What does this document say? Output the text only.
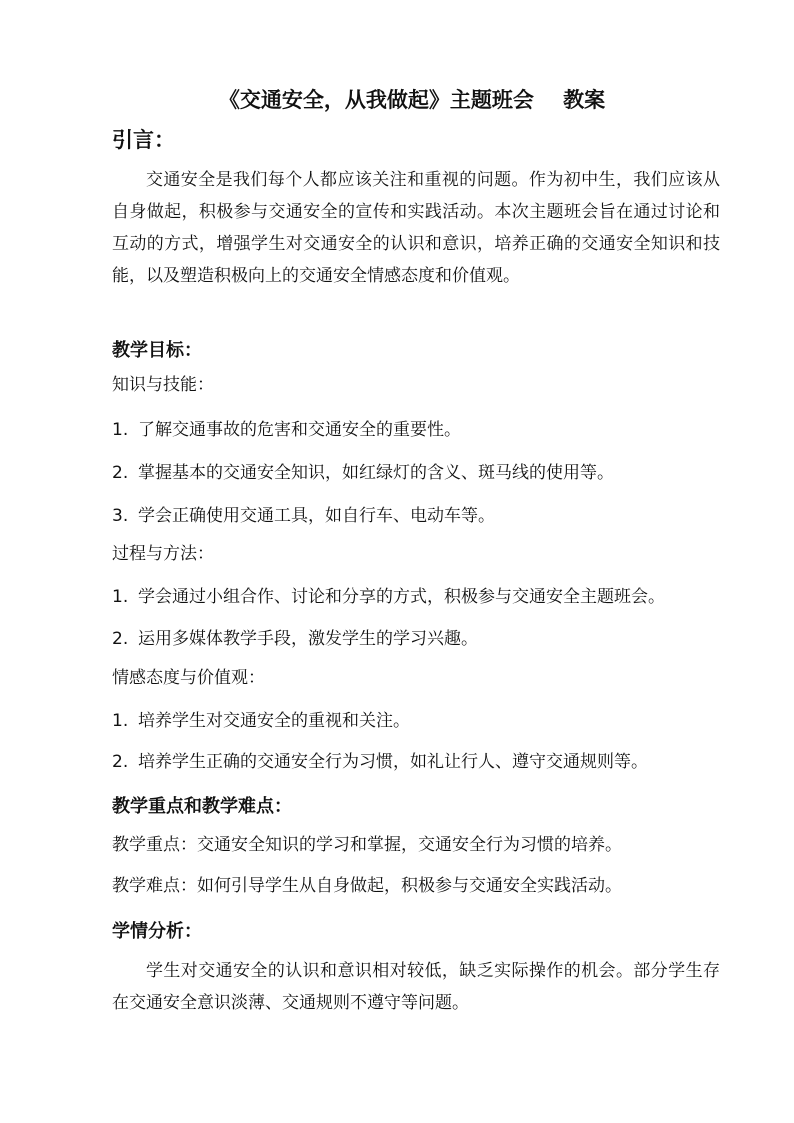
《交通安全，从我做起》主题班会    教案
引言：

交通安全是我们每个人都应该关注和重视的问题。作为初中生，我们应该从自身做起，积极参与交通安全的宣传和实践活动。本次主题班会旨在通过讨论和互动的方式，增强学生对交通安全的认识和意识，培养正确的交通安全知识和技能，以及塑造积极向上的交通安全情感态度和价值观。

教学目标：

知识与技能：

1. 了解交通事故的危害和交通安全的重要性。

2. 掌握基本的交通安全知识，如红绿灯的含义、斑马线的使用等。

3. 学会正确使用交通工具，如自行车、电动车等。

过程与方法：

1. 学会通过小组合作、讨论和分享的方式，积极参与交通安全主题班会。

2. 运用多媒体教学手段，激发学生的学习兴趣。

情感态度与价值观：

1. 培养学生对交通安全的重视和关注。

2. 培养学生正确的交通安全行为习惯，如礼让行人、遵守交通规则等。

教学重点和教学难点：

教学重点：交通安全知识的学习和掌握，交通安全行为习惯的培养。

教学难点：如何引导学生从自身做起，积极参与交通安全实践活动。

学情分析：

学生对交通安全的认识和意识相对较低，缺乏实际操作的机会。部分学生存在交通安全意识淡薄、交通规则不遵守等问题。
